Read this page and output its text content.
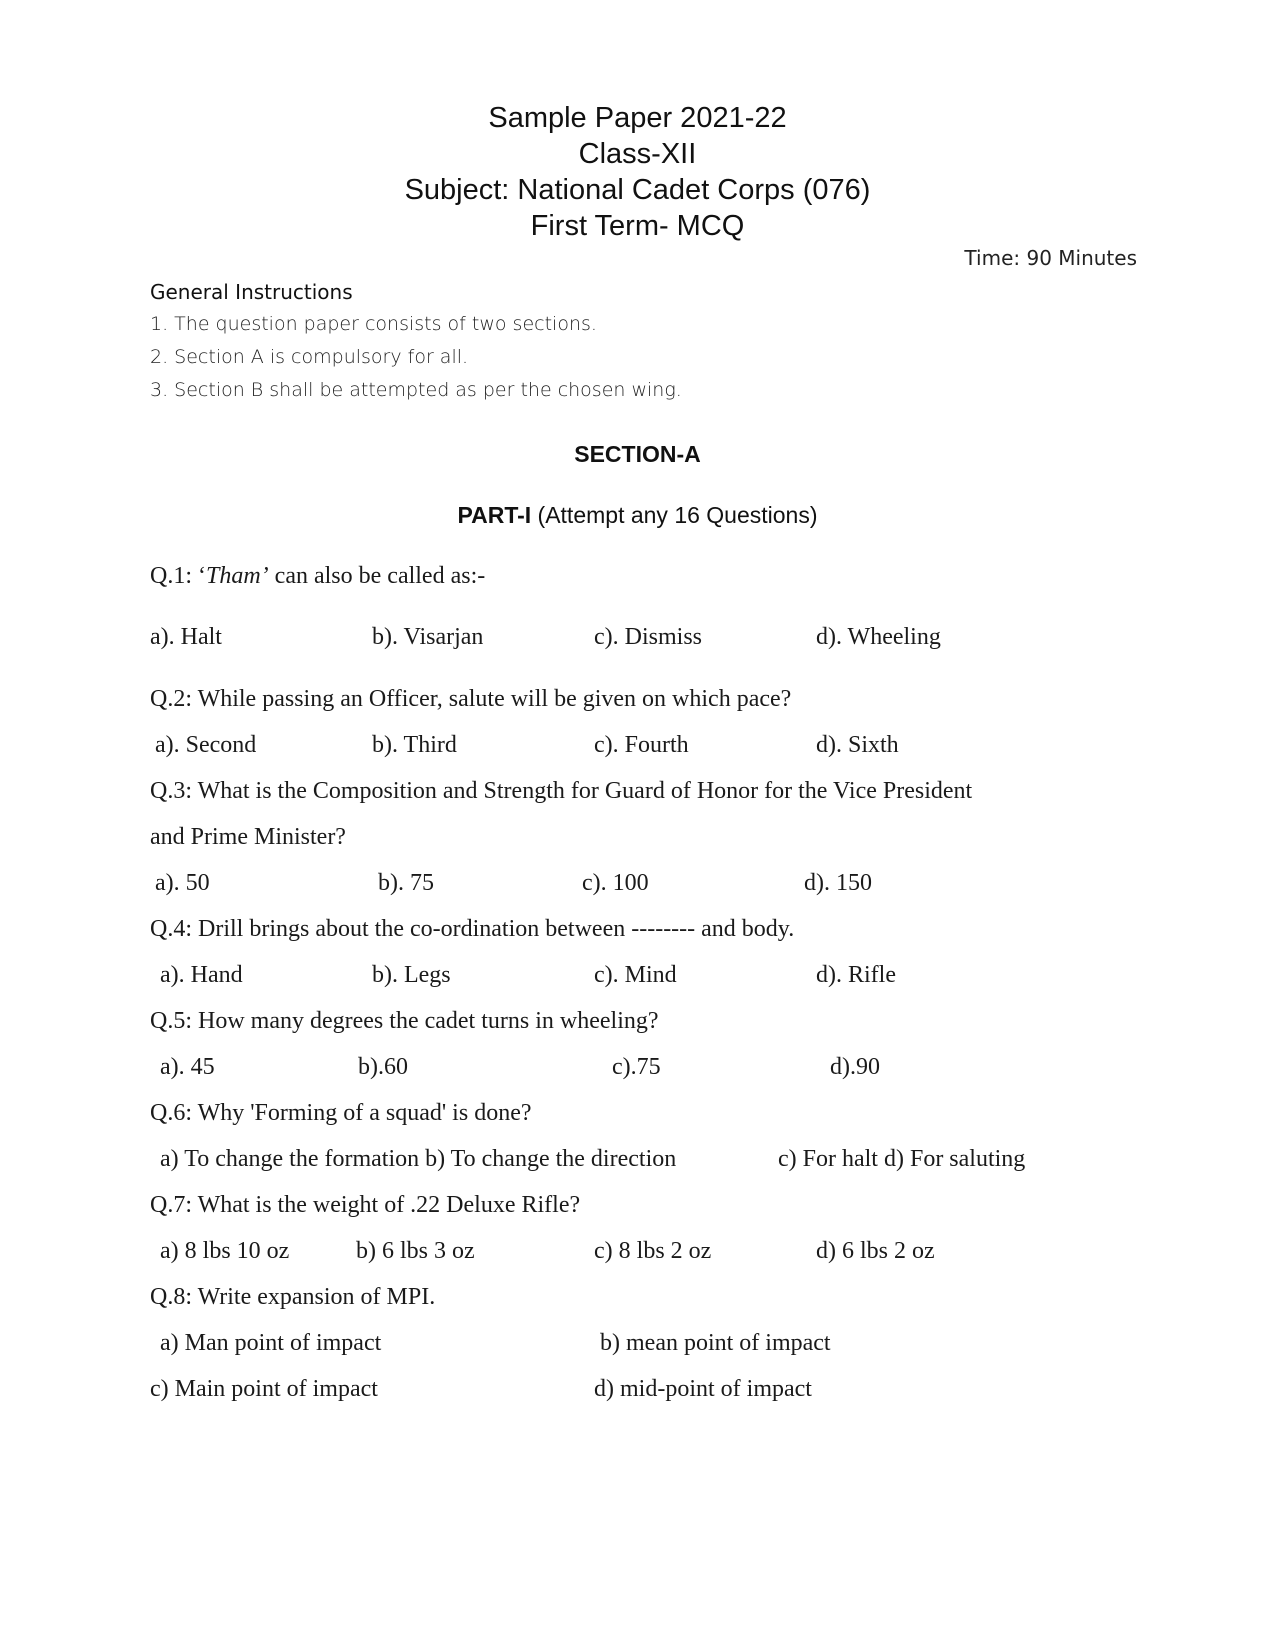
Sample Paper 2021-22
Class-XII
Subject: National Cadet Corps (076)
First Term- MCQ
Time: 90 Minutes
General Instructions
1. The question paper consists of two sections.
2. Section A is compulsory for all.
3. Section B shall be attempted as per the chosen wing.
SECTION-A
PART-I (Attempt any 16 Questions)
Q.1: ‘Tham’ can also be called as:-
a). Halt	b). Visarjan	c). Dismiss	d). Wheeling
Q.2: While passing an Officer, salute will be given on which pace?
a). Second	b). Third	c). Fourth	d). Sixth
Q.3: What is the Composition and Strength for Guard of Honor for the Vice President
and Prime Minister?
a). 50	b). 75	c). 100	d). 150
Q.4: Drill brings about the co-ordination between -------- and body.
a). Hand	b). Legs	c). Mind	d). Rifle
Q.5: How many degrees the cadet turns in wheeling?
a). 45	b).60	c).75	d).90
Q.6: Why 'Forming of a squad' is done?
a) To change the formation b) To change the direction	c) For halt d) For saluting
Q.7: What is the weight of .22 Deluxe Rifle?
a) 8 lbs 10 oz	b) 6 lbs 3 oz	c) 8 lbs 2 oz	d) 6 lbs 2 oz
Q.8: Write expansion of MPI.
a) Man point of impact	b) mean point of impact
c) Main point of impact	d) mid-point of impact
